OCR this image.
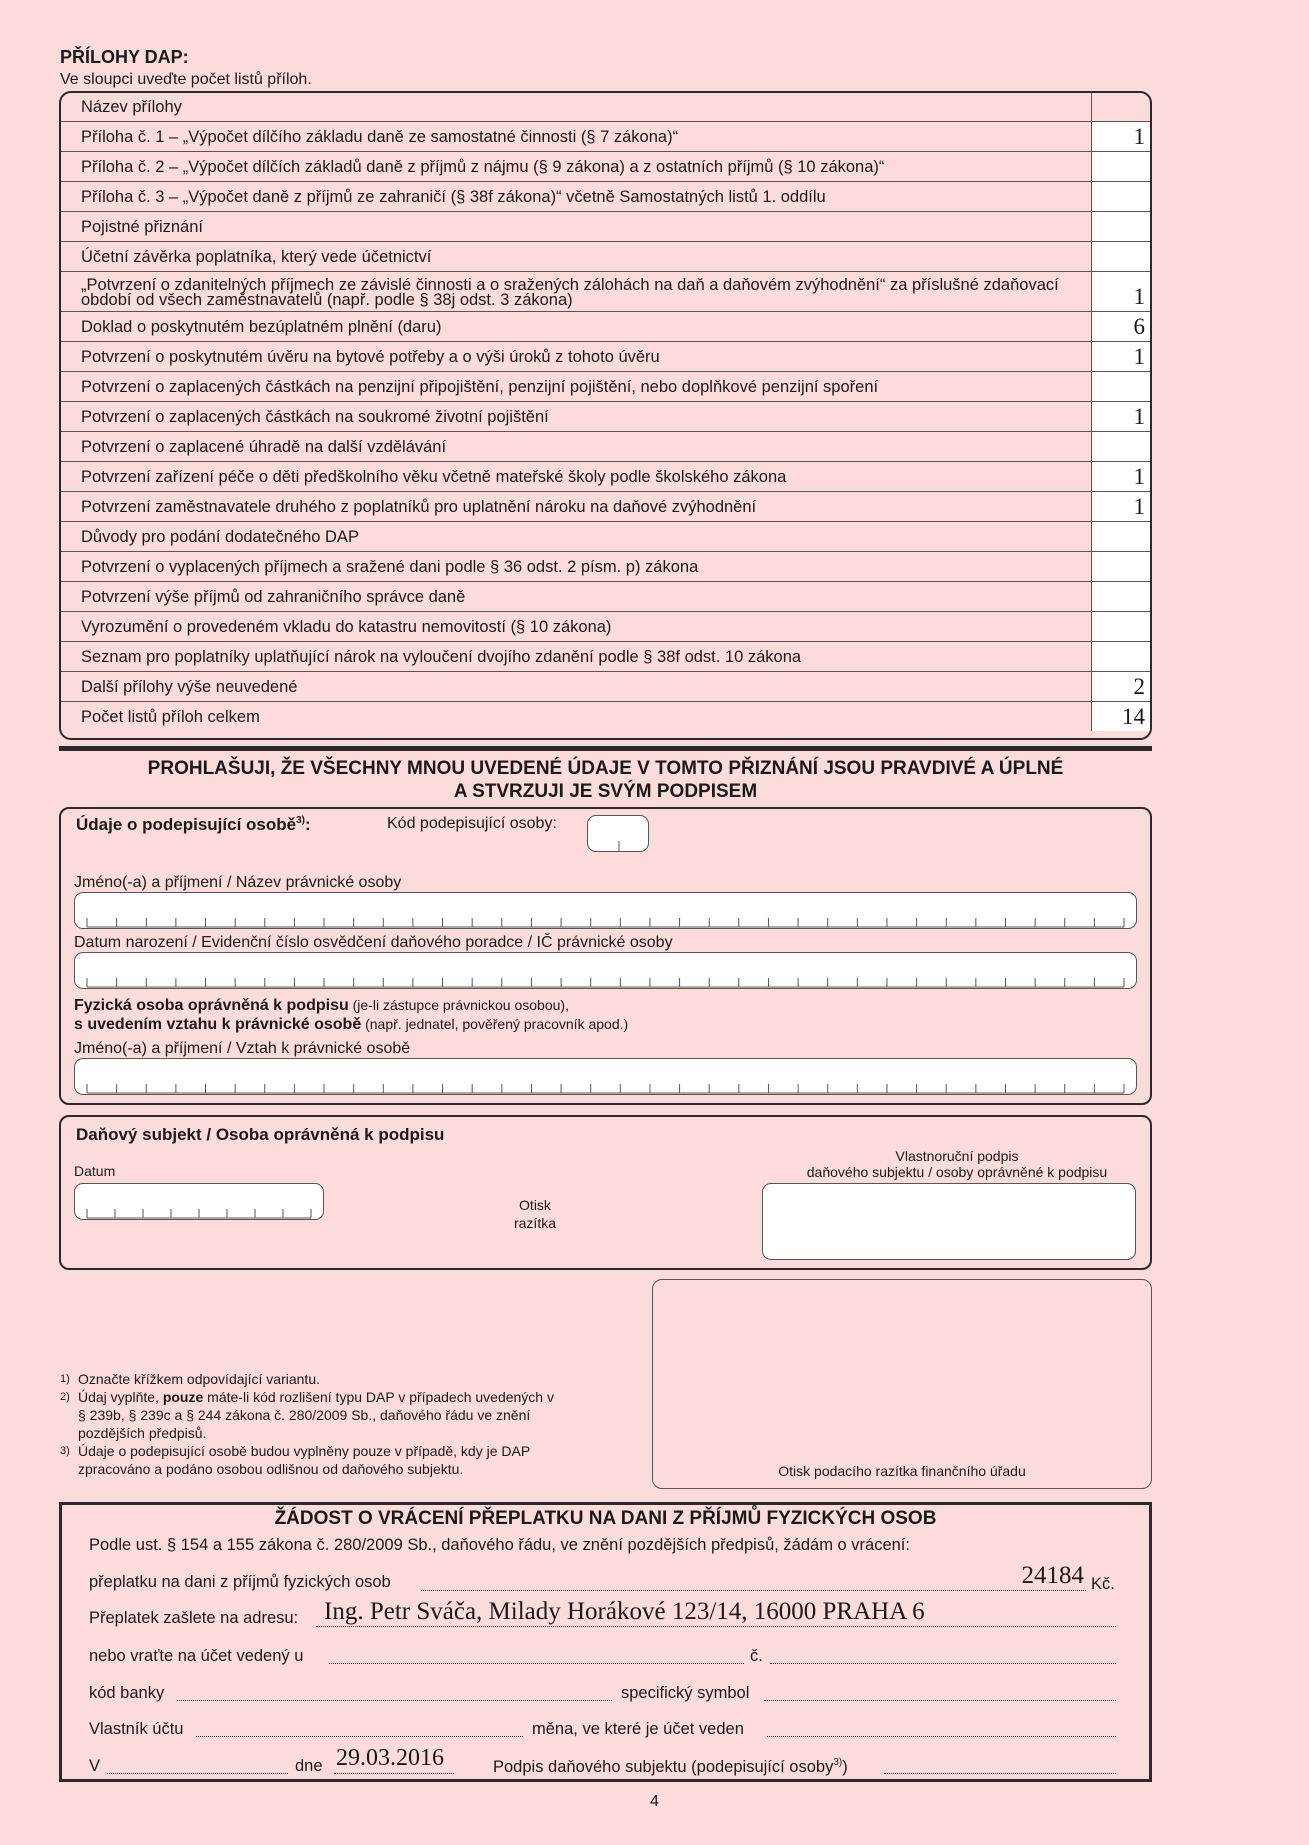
PŘÍLOHY DAP:
Ve sloupci uveďte počet listů příloh.
Název přílohy
Příloha č. 1 – „Výpočet dílčího základu daně ze samostatné činnosti (§ 7 zákona)“	1
Příloha č. 2 – „Výpočet dílčích základů daně z příjmů z nájmu (§ 9 zákona) a z ostatních příjmů (§ 10 zákona)“
Příloha č. 3 – „Výpočet daně z příjmů ze zahraničí (§ 38f zákona)“ včetně Samostatných listů 1. oddílu
Pojistné přiznání
Účetní závěrka poplatníka, který vede účetnictví
„Potvrzení o zdanitelných příjmech ze závislé činnosti a o sražených zálohách na daň a daňovém zvýhodnění“ za příslušné zdaňovací období od všech zaměstnavatelů (např. podle § 38j odst. 3 zákona)	1
Doklad o poskytnutém bezúplatném plnění (daru)	6
Potvrzení o poskytnutém úvěru na bytové potřeby a o výši úroků z tohoto úvěru	1
Potvrzení o zaplacených částkách na penzijní připojištění, penzijní pojištění, nebo doplňkové penzijní spoření
Potvrzení o zaplacených částkách na soukromé životní pojištění	1
Potvrzení o zaplacené úhradě na další vzdělávání
Potvrzení zařízení péče o děti předškolního věku včetně mateřské školy podle školského zákona	1
Potvrzení zaměstnavatele druhého z poplatníků pro uplatnění nároku na daňové zvýhodnění	1
Důvody pro podání dodatečného DAP
Potvrzení o vyplacených příjmech a sražené dani podle § 36 odst. 2 písm. p) zákona
Potvrzení výše příjmů od zahraničního správce daně
Vyrozumění o provedeném vkladu do katastru nemovitostí (§ 10 zákona)
Seznam pro poplatníky uplatňující nárok na vyloučení dvojího zdanění podle § 38f odst. 10 zákona
Další přílohy výše neuvedené	2
Počet listů příloh celkem	14
PROHLAŠUJI, ŽE VŠECHNY MNOU UVEDENÉ ÚDAJE V TOMTO PŘIZNÁNÍ JSOU PRAVDIVÉ A ÚPLNÉ
A STVRZUJI JE SVÝM PODPISEM
Údaje o podepisující osobě$^{3)}$:	Kód podepisující osoby:
Jméno(-a) a příjmení / Název právnické osoby
Datum narození / Evidenční číslo osvědčení daňového poradce / IČ právnické osoby
Fyzická osoba oprávněná k podpisu (je-li zástupce právnickou osobou),
s uvedením vztahu k právnické osobě (např. jednatel, pověřený pracovník apod.)
Jméno(-a) a příjmení / Vztah k právnické osobě
Daňový subjekt / Osoba oprávněná k podpisu
Datum
Otisk
razítka
Vlastnoruční podpis
daňového subjektu / osoby oprávněné k podpisu
Otisk podacího razítka finančního úřadu
1) Označte křížkem odpovídající variantu.
2) Údaj vyplňte, pouze máte-li kód rozlišení typu DAP v případech uvedených v § 239b, § 239c a § 244 zákona č. 280/2009 Sb., daňového řádu ve znění pozdějších předpisů.
3) Údaje o podepisující osobě budou vyplněny pouze v případě, kdy je DAP zpracováno a podáno osobou odlišnou od daňového subjektu.
ŽÁDOST O VRÁCENÍ PŘEPLATKU NA DANI Z PŘÍJMŮ FYZICKÝCH OSOB
Podle ust. § 154 a 155 zákona č. 280/2009 Sb., daňového řádu, ve znění pozdějších předpisů, žádám o vrácení:
přeplatku na dani z příjmů fyzických osob	24184 Kč.
Přeplatek zašlete na adresu: Ing. Petr Sváča, Milady Horákové 123/14, 16000 PRAHA 6
nebo vraťte na účet vedený u	č.
kód banky	specifický symbol
Vlastník účtu	měna, ve které je účet veden
V	dne 29.03.2016	Podpis daňového subjektu (podepisující osoby$^{3)}$)
4
